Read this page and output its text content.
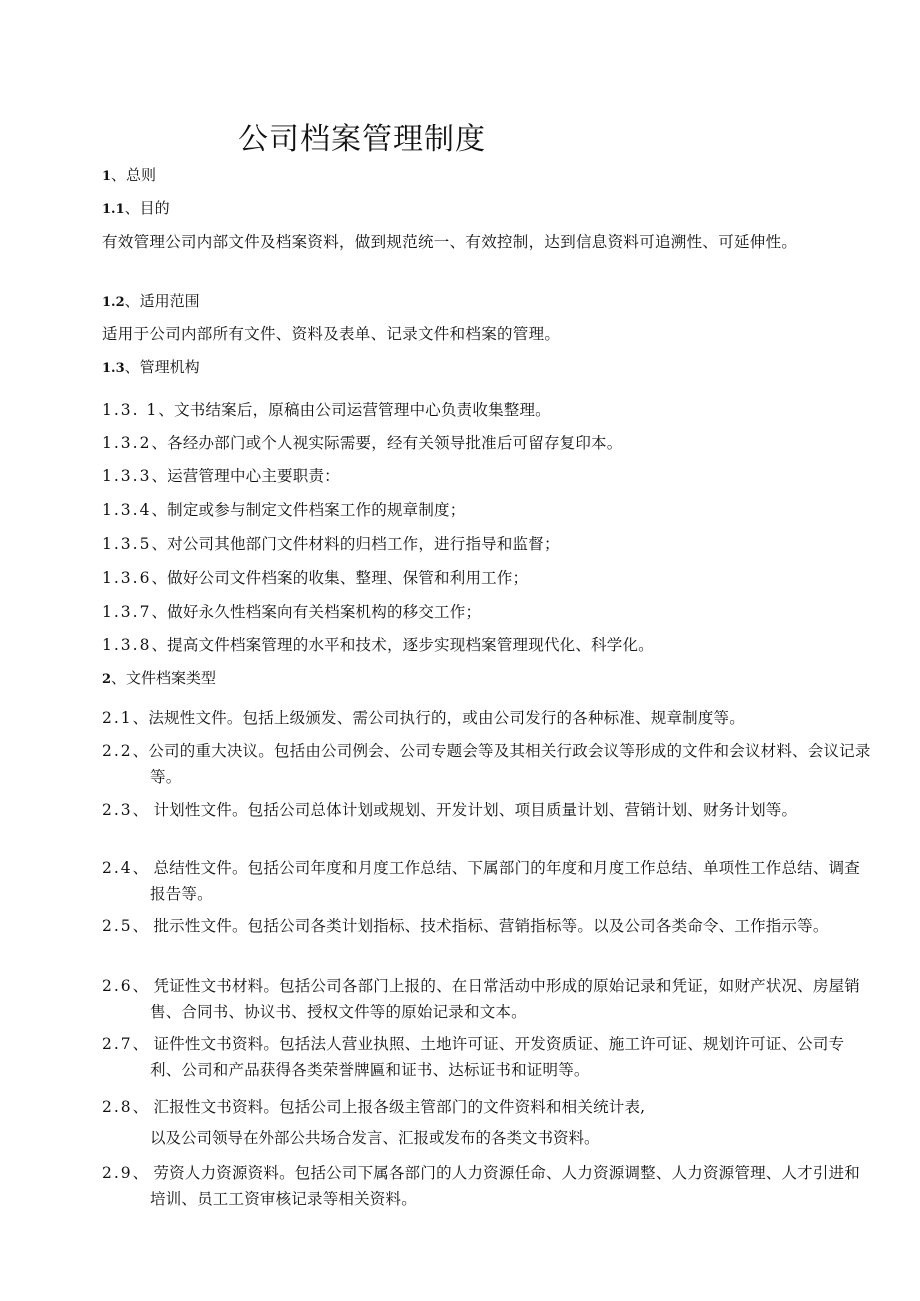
公司档案管理制度
1、总则
1.1、目的
有效管理公司内部文件及档案资料，做到规范统一、有效控制，达到信息资料可追溯性、可延伸性。
1.2、适用范围
适用于公司内部所有文件、资料及表单、记录文件和档案的管理。
1.3、管理机构
1.3. 1、文书结案后，原稿由公司运营管理中心负责收集整理。
1.3.2、各经办部门或个人视实际需要，经有关领导批准后可留存复印本。
1.3.3、运营管理中心主要职责：
1.3.4、制定或参与制定文件档案工作的规章制度；
1.3.5、对公司其他部门文件材料的归档工作，进行指导和监督；
1.3.6、做好公司文件档案的收集、整理、保管和利用工作；
1.3.7、做好永久性档案向有关档案机构的移交工作；
1.3.8、提高文件档案管理的水平和技术，逐步实现档案管理现代化、科学化。
2、文件档案类型
2.1、法规性文件。包括上级颁发、需公司执行的，或由公司发行的各种标准、规章制度等。
2.2、公司的重大决议。包括由公司例会、公司专题会等及其相关行政会议等形成的文件和会议材料、会议记录等。
2.3、 计划性文件。包括公司总体计划或规划、开发计划、项目质量计划、营销计划、财务计划等。
2.4、 总结性文件。包括公司年度和月度工作总结、下属部门的年度和月度工作总结、单项性工作总结、调查报告等。
2.5、 批示性文件。包括公司各类计划指标、技术指标、营销指标等。以及公司各类命令、工作指示等。
2.6、 凭证性文书材料。包括公司各部门上报的、在日常活动中形成的原始记录和凭证，如财产状况、房屋销售、合同书、协议书、授权文件等的原始记录和文本。
2.7、 证件性文书资料。包括法人营业执照、土地许可证、开发资质证、施工许可证、规划许可证、公司专利、公司和产品获得各类荣誉牌匾和证书、达标证书和证明等。
2.8、 汇报性文书资料。包括公司上报各级主管部门的文件资料和相关统计表,
以及公司领导在外部公共场合发言、汇报或发布的各类文书资料。
2.9、 劳资人力资源资料。包括公司下属各部门的人力资源任命、人力资源调整、人力资源管理、人才引进和培训、员工工资审核记录等相关资料。
